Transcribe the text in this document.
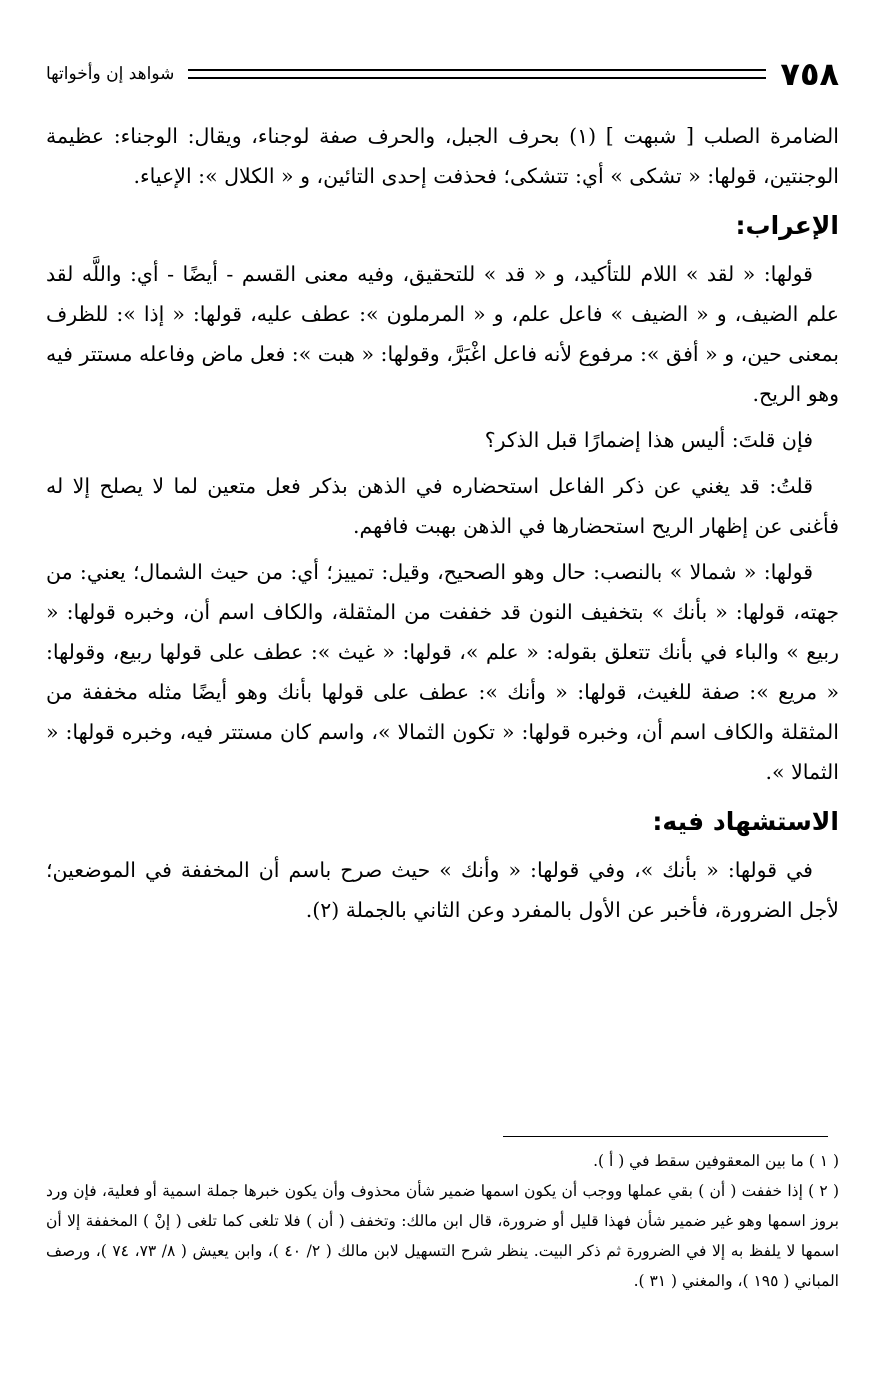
٧٥٨
شواهد إن وأخواتها

الضامرة الصلب [ شبهت ] (١) بحرف الجبل، والحرف صفة لوجناء، ويقال: الوجناء: عظيمة الوجنتين، قولها: « تشكى » أي: تتشكى؛ فحذفت إحدى التائين، و « الكلال »: الإعياء.

الإعراب:

قولها: « لقد » اللام للتأكيد، و « قد » للتحقيق، وفيه معنى القسم - أيضًا - أي: واللَّه لقد علم الضيف، و « الضيف » فاعل علم، و « المرملون »: عطف عليه، قولها: « إذا »: للظرف بمعنى حين، و « أفق »: مرفوع لأنه فاعل اغْبَرَّ، وقولها: « هبت »: فعل ماض وفاعله مستتر فيه وهو الريح.

فإن قلتَ: أليس هذا إضمارًا قبل الذكر؟

قلتُ: قد يغني عن ذكر الفاعل استحضاره في الذهن بذكر فعل متعين لما لا يصلح إلا له فأغنى عن إظهار الريح استحضارها في الذهن بهبت فافهم.

قولها: « شمالا » بالنصب: حال وهو الصحيح، وقيل: تمييز؛ أي: من حيث الشمال؛ يعني: من جهته، قولها: « بأنك » بتخفيف النون قد خففت من المثقلة، والكاف اسم أن، وخبره قولها: « ربيع » والباء في بأنك تتعلق بقوله: « علم »، قولها: « غيث »: عطف على قولها ربيع، وقولها: « مريع »: صفة للغيث، قولها: « وأنك »: عطف على قولها بأنك وهو أيضًا مثله مخففة من المثقلة والكاف اسم أن، وخبره قولها: « تكون الثمالا »، واسم كان مستتر فيه، وخبره قولها: « الثمالا ».

الاستشهاد فيه:

في قولها: « بأنك »، وفي قولها: « وأنك » حيث صرح باسم أن المخففة في الموضعين؛ لأجل الضرورة، فأخبر عن الأول بالمفرد وعن الثاني بالجملة (٢).

( ١ ) ما بين المعقوفين سقط في ( أ ).

( ٢ ) إذا خففت ( أن ) بقي عملها ووجب أن يكون اسمها ضمير شأن محذوف وأن يكون خبرها جملة اسمية أو فعلية، فإن ورد بروز اسمها وهو غير ضمير شأن فهذا قليل أو ضرورة، قال ابن مالك: وتخفف ( أن ) فلا تلغى كما تلغى ( إنْ ) المخففة إلا أن اسمها لا يلفظ به إلا في الضرورة ثم ذكر البيت. ينظر شرح التسهيل لابن مالك ( ٢/ ٤٠ )، وابن يعيش ( ٨/ ٧٣، ٧٤ )، ورصف المباني ( ١٩٥ )، والمغني ( ٣١ ).
